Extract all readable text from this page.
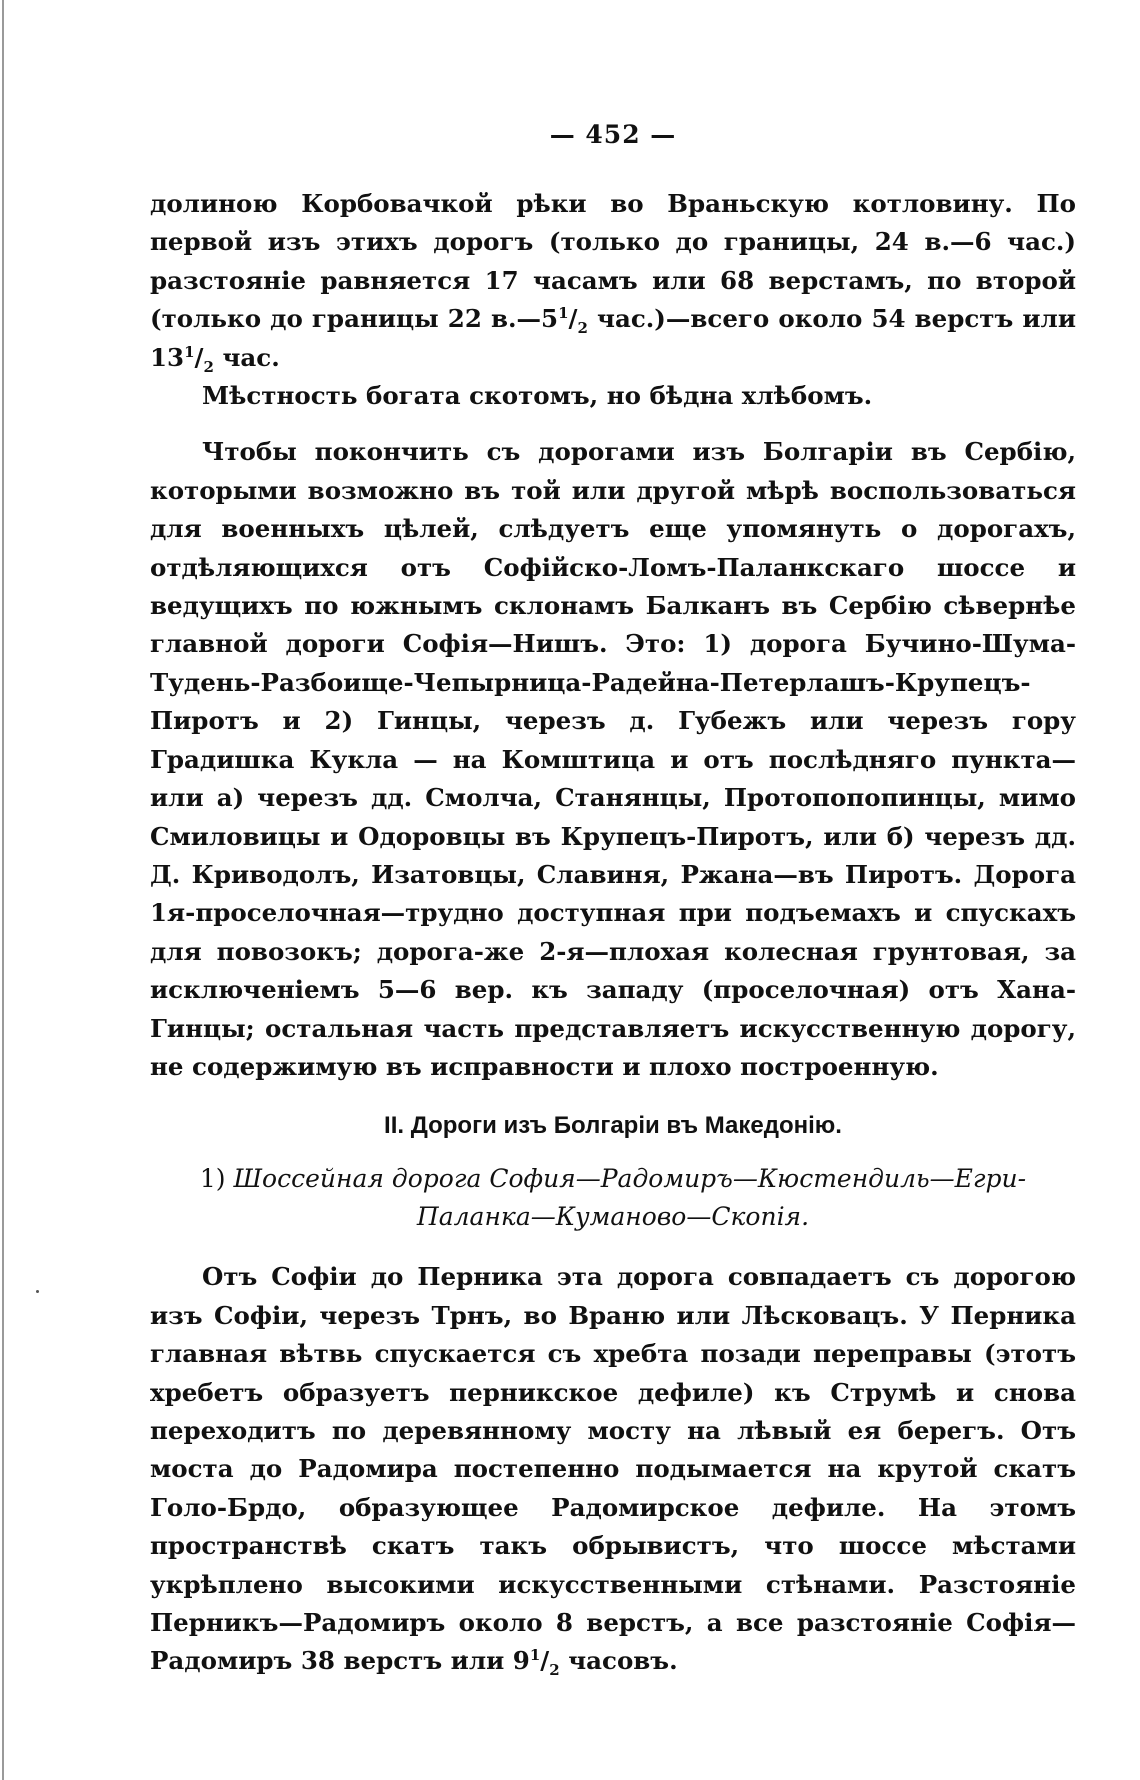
— 452 —

долиною Корбовачкой рѣки во Враньскую котловину. По первой изъ этихъ дорогъ (только до границы, 24 в.—6 час.) разстояніе равняется 17 часамъ или 68 верстамъ, по второй (только до границы 22 $в.—5^1/_2$ час.)—всего около 54 верстъ или $13^1/_2$ час.

Мѣстность богата скотомъ, но бѣдна хлѣбомъ.

Чтобы покончить съ дорогами изъ Болгаріи въ Сербію, которыми возможно въ той или другой мѣрѣ воспользоваться для военныхъ цѣлей, слѣдуетъ еще упомянуть о дорогахъ, отдѣляющихся отъ Софійско-Ломъ-Паланкскаго шоссе и ведущихъ по южнымъ склонамъ Балканъ въ Сербію сѣвернѣе главной дороги Софія—Нишъ. Это: 1) дорога Бучино-Шума-Тудень-Разбоище-Чепырница-Радейна-Петерлашъ-Крупецъ-Пиротъ и 2) Гинцы, черезъ д. Губежъ или черезъ гору Градишка Кукла — на Комштица и отъ послѣдняго пункта—или а) черезъ дд. Смолча, Станянцы, Протопопопинцы, мимо Смиловицы и Одоровцы въ Крупецъ-Пиротъ, или б) черезъ дд. Д. Криводолъ, Изатовцы, Славиня, Ржана—въ Пиротъ. Дорога 1я-проселочная—трудно доступная при подъемахъ и спускахъ для повозокъ; дорога-же 2-я—плохая колесная грунтовая, за исключеніемъ 5—6 вер. къ западу (проселочная) отъ Хана-Гинцы; остальная часть представляетъ искусственную дорогу, не содержимую въ исправности и плохо построенную.

II. Дороги изъ Болгаріи въ Македонію.
1) Шоссейная дорога София—Радомиръ—Кюстендиль—Егри-Паланка—Куманово—Скопія.

Отъ Софіи до Перника эта дорога совпадаетъ съ дорогою изъ Софіи, черезъ Трнъ, во Враню или Лѣсковацъ. У Перника главная вѣтвь спускается съ хребта позади переправы (этотъ хребетъ образуетъ перникское дефиле) къ Струмѣ и снова переходитъ по деревянному мосту на лѣвый ея берегъ. Отъ моста до Радомира постепенно подымается на крутой скатъ Голо-Брдо, образующее Радомирское дефиле. На этомъ пространствѣ скатъ такъ обрывистъ, что шоссе мѣстами укрѣплено высокими искусственными стѣнами. Разстояніе Перникъ—Радомиръ около 8 верстъ, а все разстояніе Софія—Радомиръ 38 верстъ или $9^1/_2$ часовъ.
